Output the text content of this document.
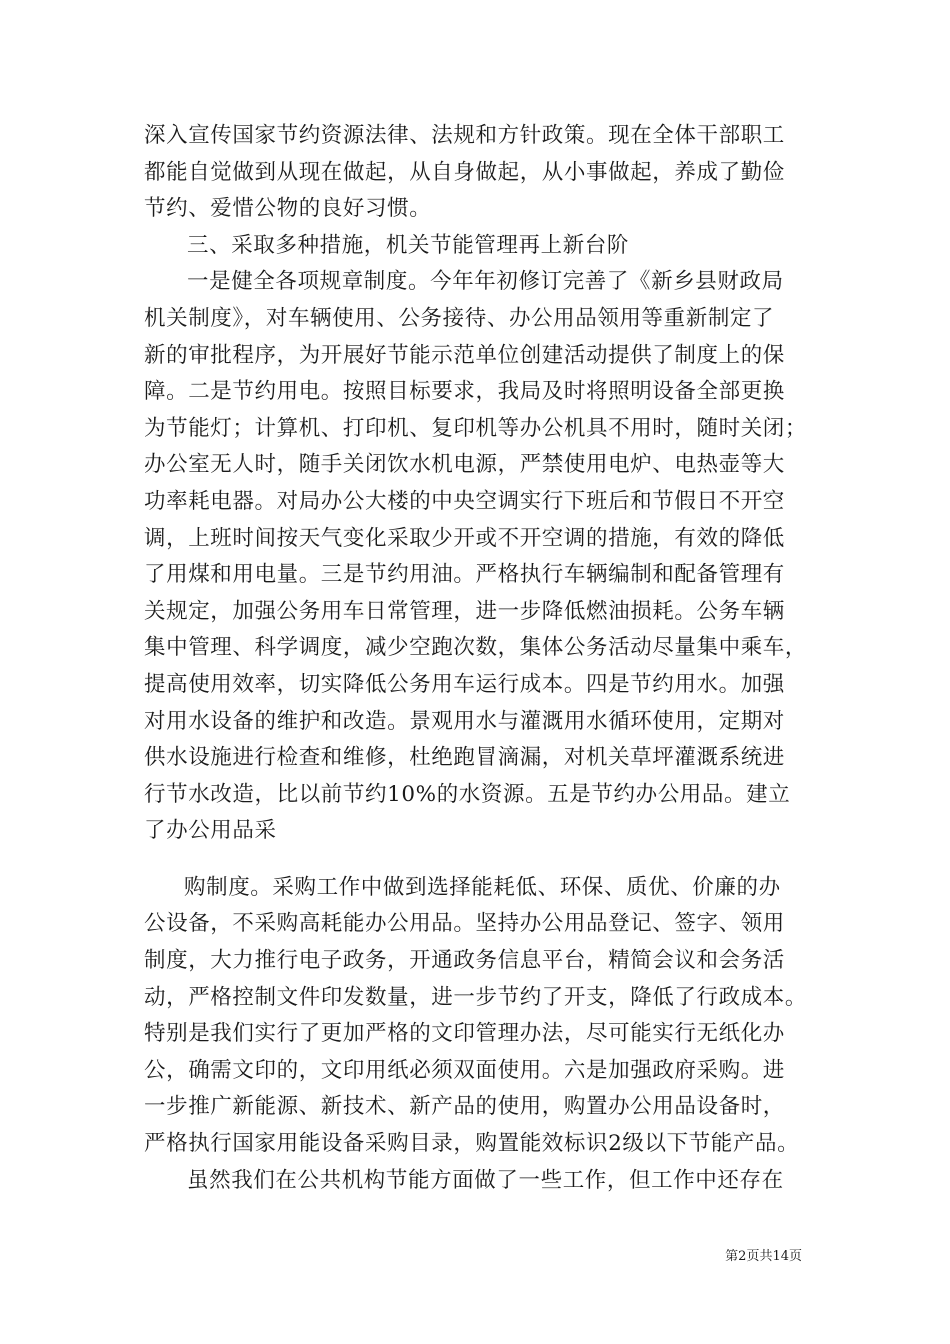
深入宣传国家节约资源法律、法规和方针政策。现在全体干部职工
都能自觉做到从现在做起，从自身做起，从小事做起，养成了勤俭
节约、爱惜公物的良好习惯。
三、采取多种措施，机关节能管理再上新台阶
一是健全各项规章制度。今年年初修订完善了《新乡县财政局
机关制度》，对车辆使用、公务接待、办公用品领用等重新制定了
新的审批程序，为开展好节能示范单位创建活动提供了制度上的保
障。二是节约用电。按照目标要求，我局及时将照明设备全部更换
为节能灯；计算机、打印机、复印机等办公机具不用时，随时关闭；
办公室无人时，随手关闭饮水机电源，严禁使用电炉、电热壶等大
功率耗电器。对局办公大楼的中央空调实行下班后和节假日不开空
调，上班时间按天气变化采取少开或不开空调的措施，有效的降低
了用煤和用电量。三是节约用油。严格执行车辆编制和配备管理有
关规定，加强公务用车日常管理，进一步降低燃油损耗。公务车辆
集中管理、科学调度，减少空跑次数，集体公务活动尽量集中乘车，
提高使用效率，切实降低公务用车运行成本。四是节约用水。加强
对用水设备的维护和改造。景观用水与灌溉用水循环使用，定期对
供水设施进行检查和维修，杜绝跑冒滴漏，对机关草坪灌溉系统进
行节水改造，比以前节约10%的水资源。五是节约办公用品。建立
了办公用品采
购制度。采购工作中做到选择能耗低、环保、质优、价廉的办
公设备，不采购高耗能办公用品。坚持办公用品登记、签字、领用
制度，大力推行电子政务，开通政务信息平台，精简会议和会务活
动，严格控制文件印发数量，进一步节约了开支，降低了行政成本。
特别是我们实行了更加严格的文印管理办法，尽可能实行无纸化办
公，确需文印的，文印用纸必须双面使用。六是加强政府采购。进
一步推广新能源、新技术、新产品的使用，购置办公用品设备时，
严格执行国家用能设备采购目录，购置能效标识2级以下节能产品。
虽然我们在公共机构节能方面做了一些工作，但工作中还存在
第2页共14页
